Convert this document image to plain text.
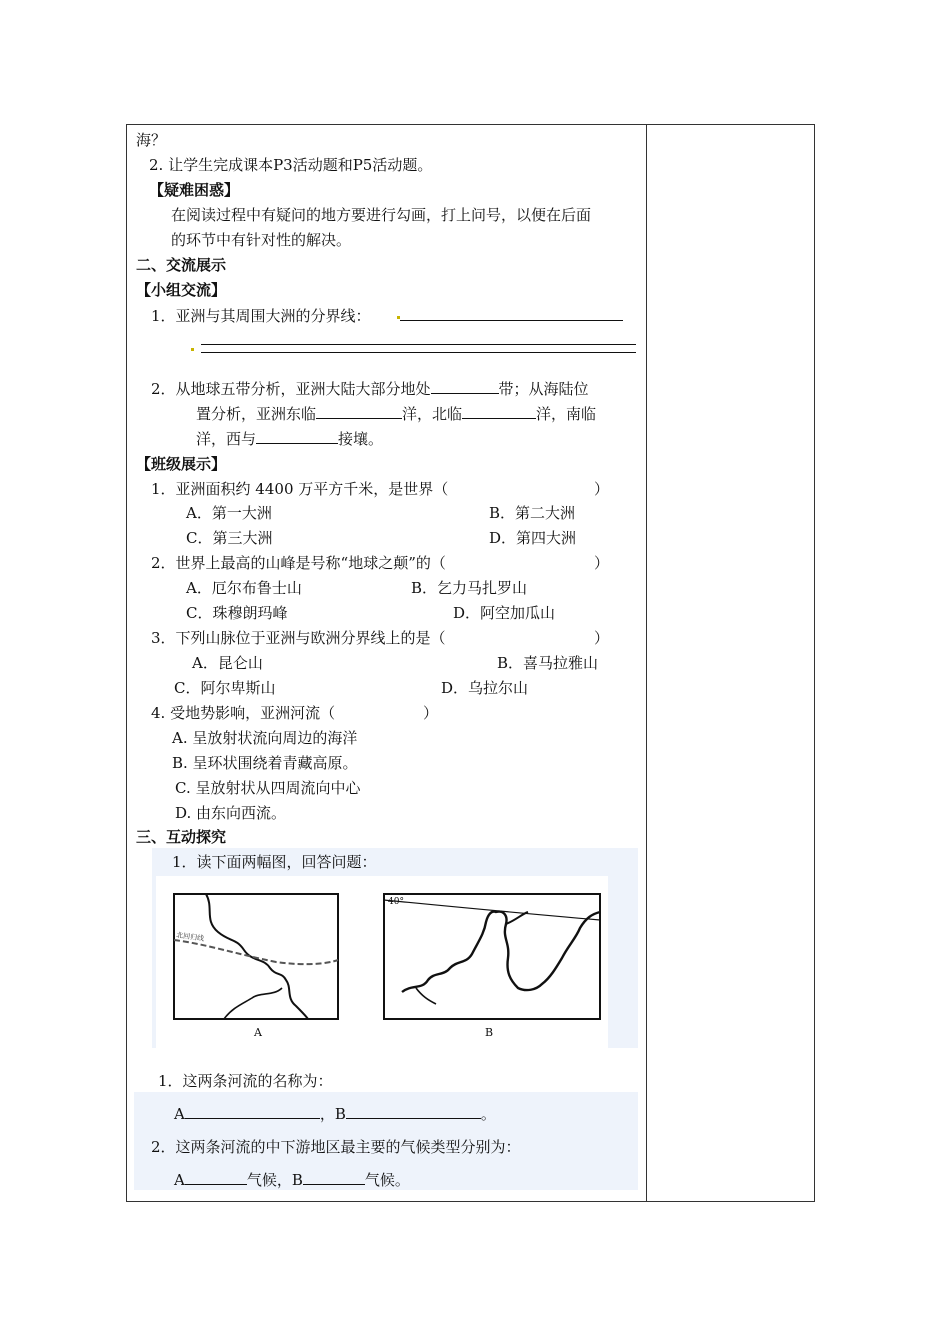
海？
2. 让学生完成课本P3活动题和P5活动题。
【疑难困惑】
在阅读过程中有疑问的地方要进行勾画，打上问号，以便在后面
的环节中有针对性的解决。
二、交流展示
【小组交流】
1．亚洲与其周围大洲的分界线：
2．从地球五带分析，亚洲大陆大部分地处	带；从海陆位
置分析，亚洲东临	洋，北临	洋，南临
洋，西与	接壤。
【班级展示】
1．亚洲面积约 4400 万平方千米，是世界（	）
A．第一大洲	B．第二大洲
C．第三大洲	D．第四大洲
2．世界上最高的山峰是号称“地球之颠”的（	）
A．厄尔布鲁士山	B．乞力马扎罗山
C．珠穆朗玛峰	D．阿空加瓜山
3．下列山脉位于亚洲与欧洲分界线上的是（	）
A．昆仑山	B．喜马拉雅山
C．阿尔卑斯山	D．乌拉尔山
4. 受地势影响，亚洲河流（	）
A. 呈放射状流向周边的海洋
B. 呈环状围绕着青藏高原。
C. 呈放射状从四周流向中心
D. 由东向西流。
三、互动探究
1．读下面两幅图，回答问题：
北回归线
40°
A	B
1．这两条河流的名称为：
A	，B	。
2．这两条河流的中下游地区最主要的气候类型分别为：
A	气候，B	气候。
